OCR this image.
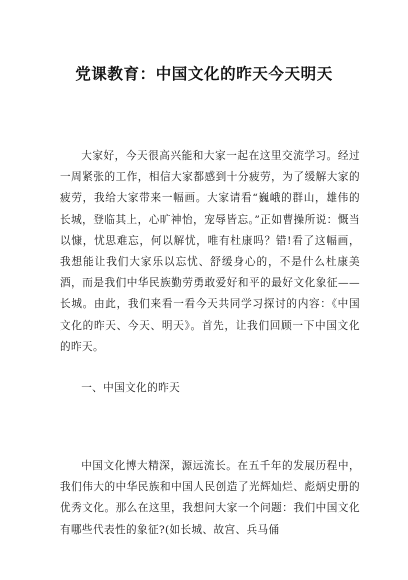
党课教育：中国文化的昨天今天明天

大家好，今天很高兴能和大家一起在这里交流学习。经过一周紧张的工作，相信大家都感到十分疲劳，为了缓解大家的疲劳，我给大家带来一幅画。大家请看“巍峨的群山，雄伟的长城，登临其上，心旷神怡，宠辱皆忘。”正如曹操所说：慨当以慷，忧思难忘，何以解忧，唯有杜康吗？错!看了这幅画，我想能让我们大家乐以忘忧、舒缓身心的，不是什么杜康美酒，而是我们中华民族勤劳勇敢爱好和平的最好文化象征——长城。由此，我们来看一看今天共同学习探讨的内容：《中国文化的昨天、今天、明天》。首先，让我们回顾一下中国文化的昨天。

一、中国文化的昨天

中国文化博大精深，源远流长。在五千年的发展历程中，我们伟大的中华民族和中国人民创造了光辉灿烂、彪炳史册的优秀文化。那么在这里，我想问大家一个问题：我们中国文化有哪些代表性的象征?(如长城、故宫、兵马俑
